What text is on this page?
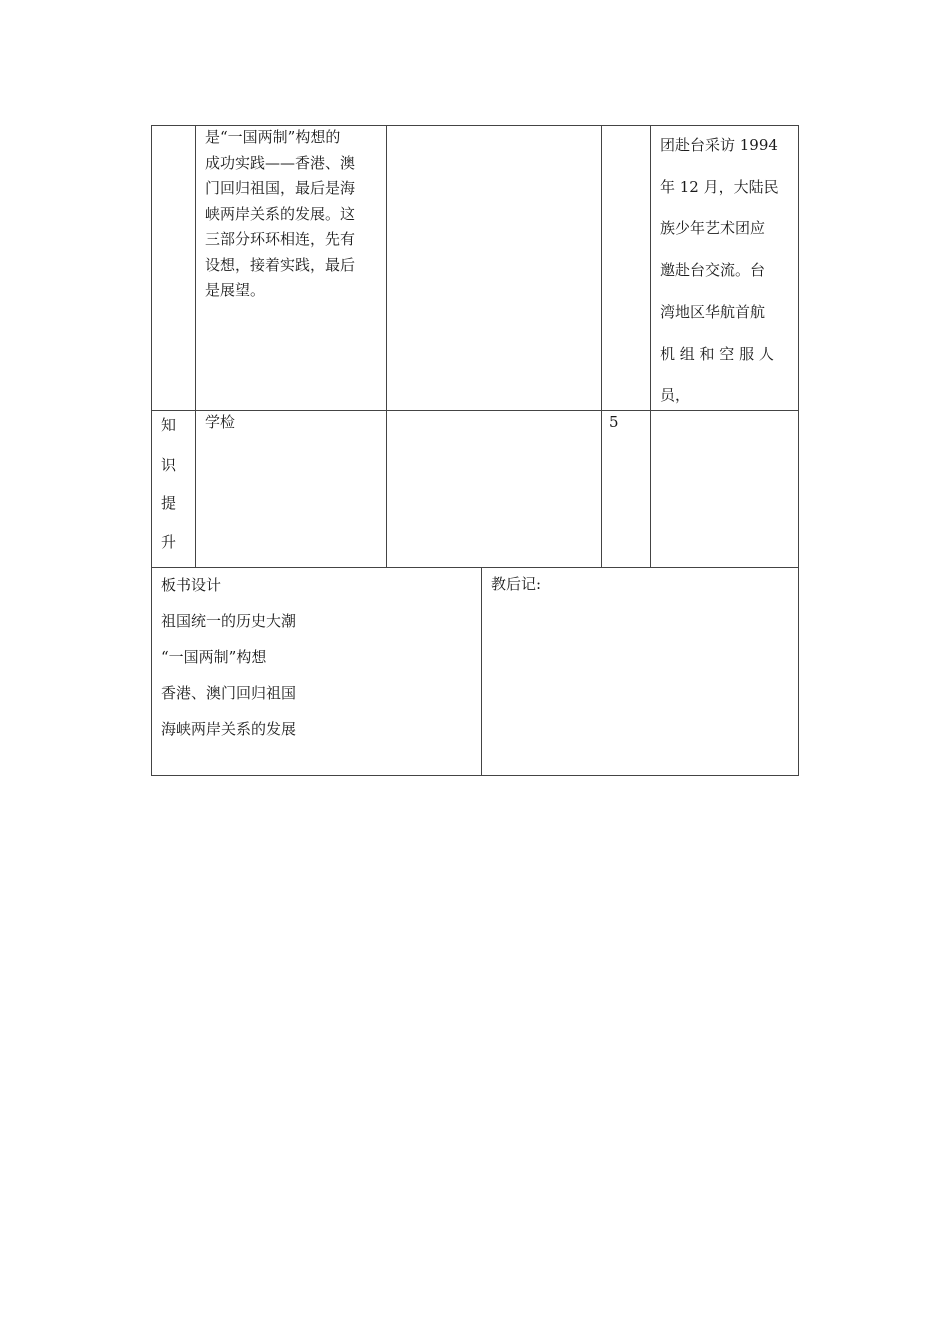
是“一国两制”构想的
成功实践——香港、澳
门回归祖国，最后是海
峡两岸关系的发展。这
三部分环环相连，先有
设想，接着实践，最后
是展望。
团赴台采访 1994
年 12 月，大陆民
族少年艺术团应
邀赴台交流。台
湾地区华航首航
机 组 和 空 服 人
员，
知
识
提
升
学检	5
板书设计
祖国统一的历史大潮
“一国两制”构想
香港、澳门回归祖国
海峡两岸关系的发展
教后记:
